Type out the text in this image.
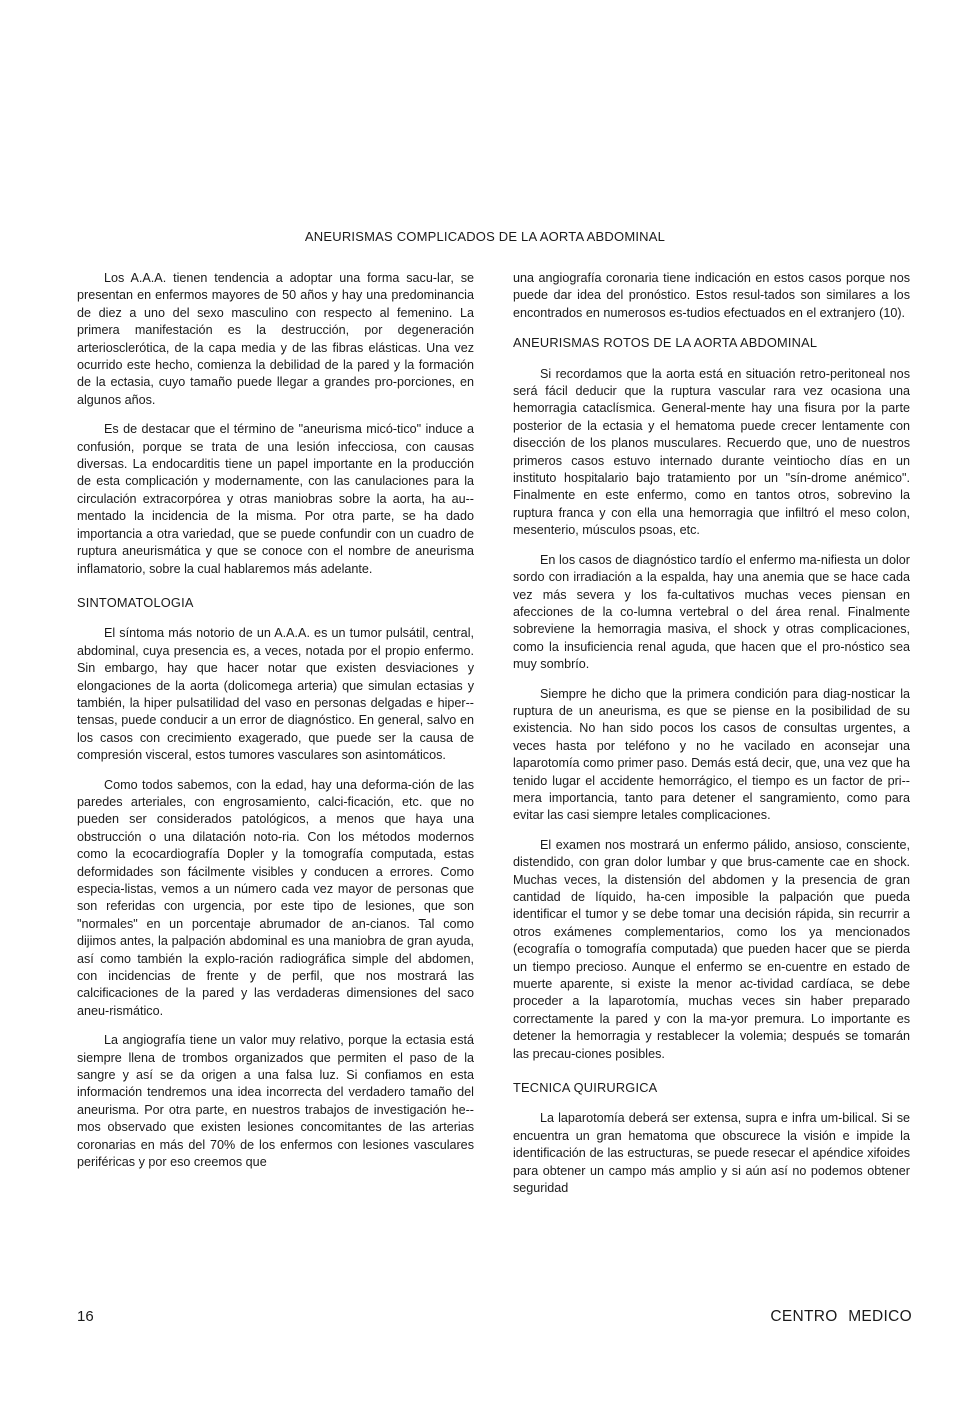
ANEURISMAS COMPLICADOS DE LA AORTA ABDOMINAL

Los A.A.A. tienen tendencia a adoptar una forma sacu-lar, se presentan en enfermos mayores de 50 años y hay una predominancia de diez a uno del sexo masculino con respecto al femenino. La primera manifestación es la destrucción, por degeneración arteriosclerótica, de la capa media y de las fibras elásticas. Una vez ocurrido este hecho, comienza la debilidad de la pared y la formación de la ectasia, cuyo tamaño puede llegar a grandes pro-porciones, en algunos años.

Es de destacar que el término de "aneurisma micó-tico" induce a confusión, porque se trata de una lesión infecciosa, con causas diversas. La endocarditis tiene un papel importante en la producción de esta complicación y modernamente, con las canulaciones para la circulación extracorpórea y otras maniobras sobre la aorta, ha au-mentado la incidencia de la misma. Por otra parte, se ha dado importancia a otra variedad, que se puede confundir con un cuadro de ruptura aneurismática y que se conoce con el nombre de aneurisma inflamatorio, sobre la cual hablaremos más adelante.

SINTOMATOLOGIA

El síntoma más notorio de un A.A.A. es un tumor pulsátil, central, abdominal, cuya presencia es, a veces, notada por el propio enfermo. Sin embargo, hay que hacer notar que existen desviaciones y elongaciones de la aorta (dolicomega arteria) que simulan ectasias y también, la hiper pulsatilidad del vaso en personas delgadas e hiper-tensas, puede conducir a un error de diagnóstico. En general, salvo en los casos con crecimiento exagerado, que puede ser la causa de compresión visceral, estos tumores vasculares son asintomáticos.

Como todos sabemos, con la edad, hay una deforma-ción de las paredes arteriales, con engrosamiento, calci-ficación, etc. que no pueden ser considerados patológicos, a menos que haya una obstrucción o una dilatación noto-ria. Con los métodos modernos como la ecocardiografía Dopler y la tomografía computada, estas deformidades son fácilmente visibles y conducen a errores. Como especia-listas, vemos a un número cada vez mayor de personas que son referidas con urgencia, por este tipo de lesiones, que son "normales" en un porcentaje abrumador de an-cianos. Tal como dijimos antes, la palpación abdominal es una maniobra de gran ayuda, así como también la explo-ración radiográfica simple del abdomen, con incidencias de frente y de perfil, que nos mostrará las calcificaciones de la pared y las verdaderas dimensiones del saco aneu-rismático.

La angiografía tiene un valor muy relativo, porque la ectasia está siempre llena de trombos organizados que permiten el paso de la sangre y así se da origen a una falsa luz. Si confiamos en esta información tendremos una idea incorrecta del verdadero tamaño del aneurisma. Por otra parte, en nuestros trabajos de investigación he-mos observado que existen lesiones concomitantes de las arterias coronarias en más del 70% de los enfermos con lesiones vasculares periféricas y por eso creemos que

una angiografía coronaria tiene indicación en estos casos porque nos puede dar idea del pronóstico. Estos resul-tados son similares a los encontrados en numerosos es-tudios efectuados en el extranjero (10).

ANEURISMAS ROTOS DE LA AORTA ABDOMINAL

Si recordamos que la aorta está en situación retro-peritoneal nos será fácil deducir que la ruptura vascular rara vez ocasiona una hemorragia cataclísmica. General-mente hay una fisura por la parte posterior de la ectasia y el hematoma puede crecer lentamente con disección de los planos musculares. Recuerdo que, uno de nuestros primeros casos estuvo internado durante veintiocho días en un instituto hospitalario bajo tratamiento por un "sín-drome anémico". Finalmente en este enfermo, como en tantos otros, sobrevino la ruptura franca y con ella una hemorragia que infiltró el meso colon, mesenterio, músculos psoas, etc.

En los casos de diagnóstico tardío el enfermo ma-nifiesta un dolor sordo con irradiación a la espalda, hay una anemia que se hace cada vez más severa y los fa-cultativos muchas veces piensan en afecciones de la co-lumna vertebral o del área renal. Finalmente sobreviene la hemorragia masiva, el shock y otras complicaciones, como la insuficiencia renal aguda, que hacen que el pro-nóstico sea muy sombrío.

Siempre he dicho que la primera condición para diag-nosticar la ruptura de un aneurisma, es que se piense en la posibilidad de su existencia. No han sido pocos los casos de consultas urgentes, a veces hasta por teléfono y no he vacilado en aconsejar una laparotomía como primer paso. Demás está decir, que, una vez que ha tenido lugar el accidente hemorrágico, el tiempo es un factor de pri-mera importancia, tanto para detener el sangramiento, como para evitar las casi siempre letales complicaciones.

El examen nos mostrará un enfermo pálido, ansioso, consciente, distendido, con gran dolor lumbar y que brus-camente cae en shock. Muchas veces, la distensión del abdomen y la presencia de gran cantidad de líquido, ha-cen imposible la palpación que pueda identificar el tumor y se debe tomar una decisión rápida, sin recurrir a otros exámenes complementarios, como los ya mencionados (ecografía o tomografía computada) que pueden hacer que se pierda un tiempo precioso. Aunque el enfermo se en-cuentre en estado de muerte aparente, si existe la menor ac-tividad cardíaca, se debe proceder a la laparotomía, muchas veces sin haber preparado correctamente la pared y con la ma-yor premura. Lo importante es detener la hemorragia y restablecer la volemia; después se tomarán las precau-ciones posibles.

TECNICA QUIRURGICA

La laparotomía deberá ser extensa, supra e infra um-bilical. Si se encuentra un gran hematoma que obscurece la visión e impide la identificación de las estructuras, se puede resecar el apéndice xifoides para obtener un campo más amplio y si aún así no podemos obtener seguridad

16	CENTRO MEDICO
